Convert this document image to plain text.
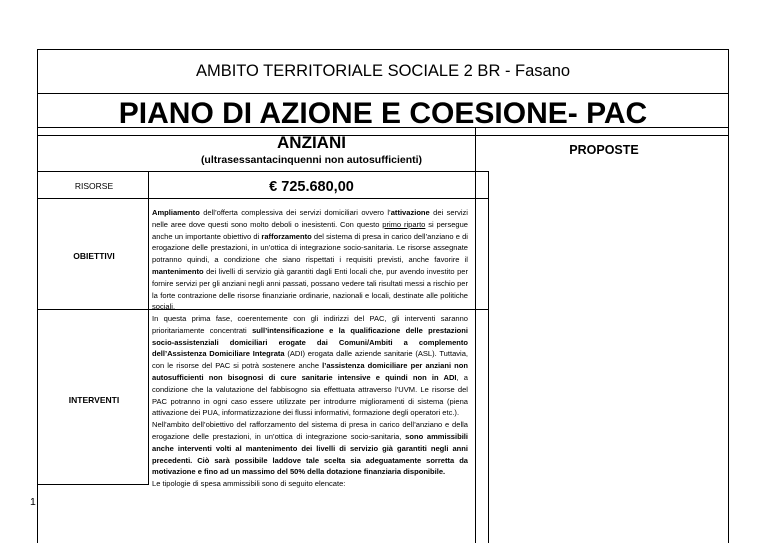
AMBITO TERRITORIALE SOCIALE 2 BR - Fasano
PIANO DI AZIONE E COESIONE- PAC
ANZIANI
(ultrasessantacinquenni non autosufficienti)
PROPOSTE
RISORSE
OBIETTIVI
INTERVENTI
€ 725.680,00

Ampliamento dell’offerta complessiva dei servizi domiciliari ovvero l’attivazione dei servizi nelle aree dove questi sono molto deboli o inesistenti. Con questo primo riparto si persegue anche un importante obiettivo di rafforzamento del sistema di presa in carico dell’anziano e di erogazione delle prestazioni, in un’ottica di integrazione socio-sanitaria. Le risorse assegnate potranno quindi, a condizione che siano rispettati i requisiti previsti, anche favorire il mantenimento dei livelli di servizio già garantiti dagli Enti locali che, pur avendo investito per fornire servizi per gli anziani negli anni passati, possano vedere tali risultati messi a rischio per la forte contrazione delle risorse finanziarie ordinarie, nazionali e locali, destinate alle politiche sociali.

In questa prima fase, coerentemente con gli indirizzi del PAC, gli interventi saranno prioritariamente concentrati sull’intensificazione e la qualificazione delle prestazioni socio-assistenziali domiciliari erogate dai Comuni/Ambiti a complemento dell’Assistenza Domiciliare Integrata (ADI) erogata dalle aziende sanitarie (ASL). Tuttavia, con le risorse del PAC si potrà sostenere anche l’assistenza domiciliare per anziani non autosufficienti non bisognosi di cure sanitarie intensive e quindi non in ADI, a condizione che la valutazione del fabbisogno sia effettuata attraverso l’UVM. Le risorse del PAC potranno in ogni caso essere utilizzate per introdurre miglioramenti di sistema (piena attivazione dei PUA, informatizzazione dei flussi informativi, formazione degli operatori etc.).

Nell’ambito dell’obiettivo del rafforzamento del sistema di presa in carico dell’anziano e della erogazione delle prestazioni, in un’ottica di integrazione socio-sanitaria, sono ammissibili anche interventi volti al mantenimento dei livelli di servizio già garantiti negli anni precedenti. Ciò sarà possibile laddove tale scelta sia adeguatamente sorretta da motivazione e fino ad un massimo del 50% della dotazione finanziaria disponibile.

Le tipologie di spesa ammissibili sono di seguito elencate:

1
